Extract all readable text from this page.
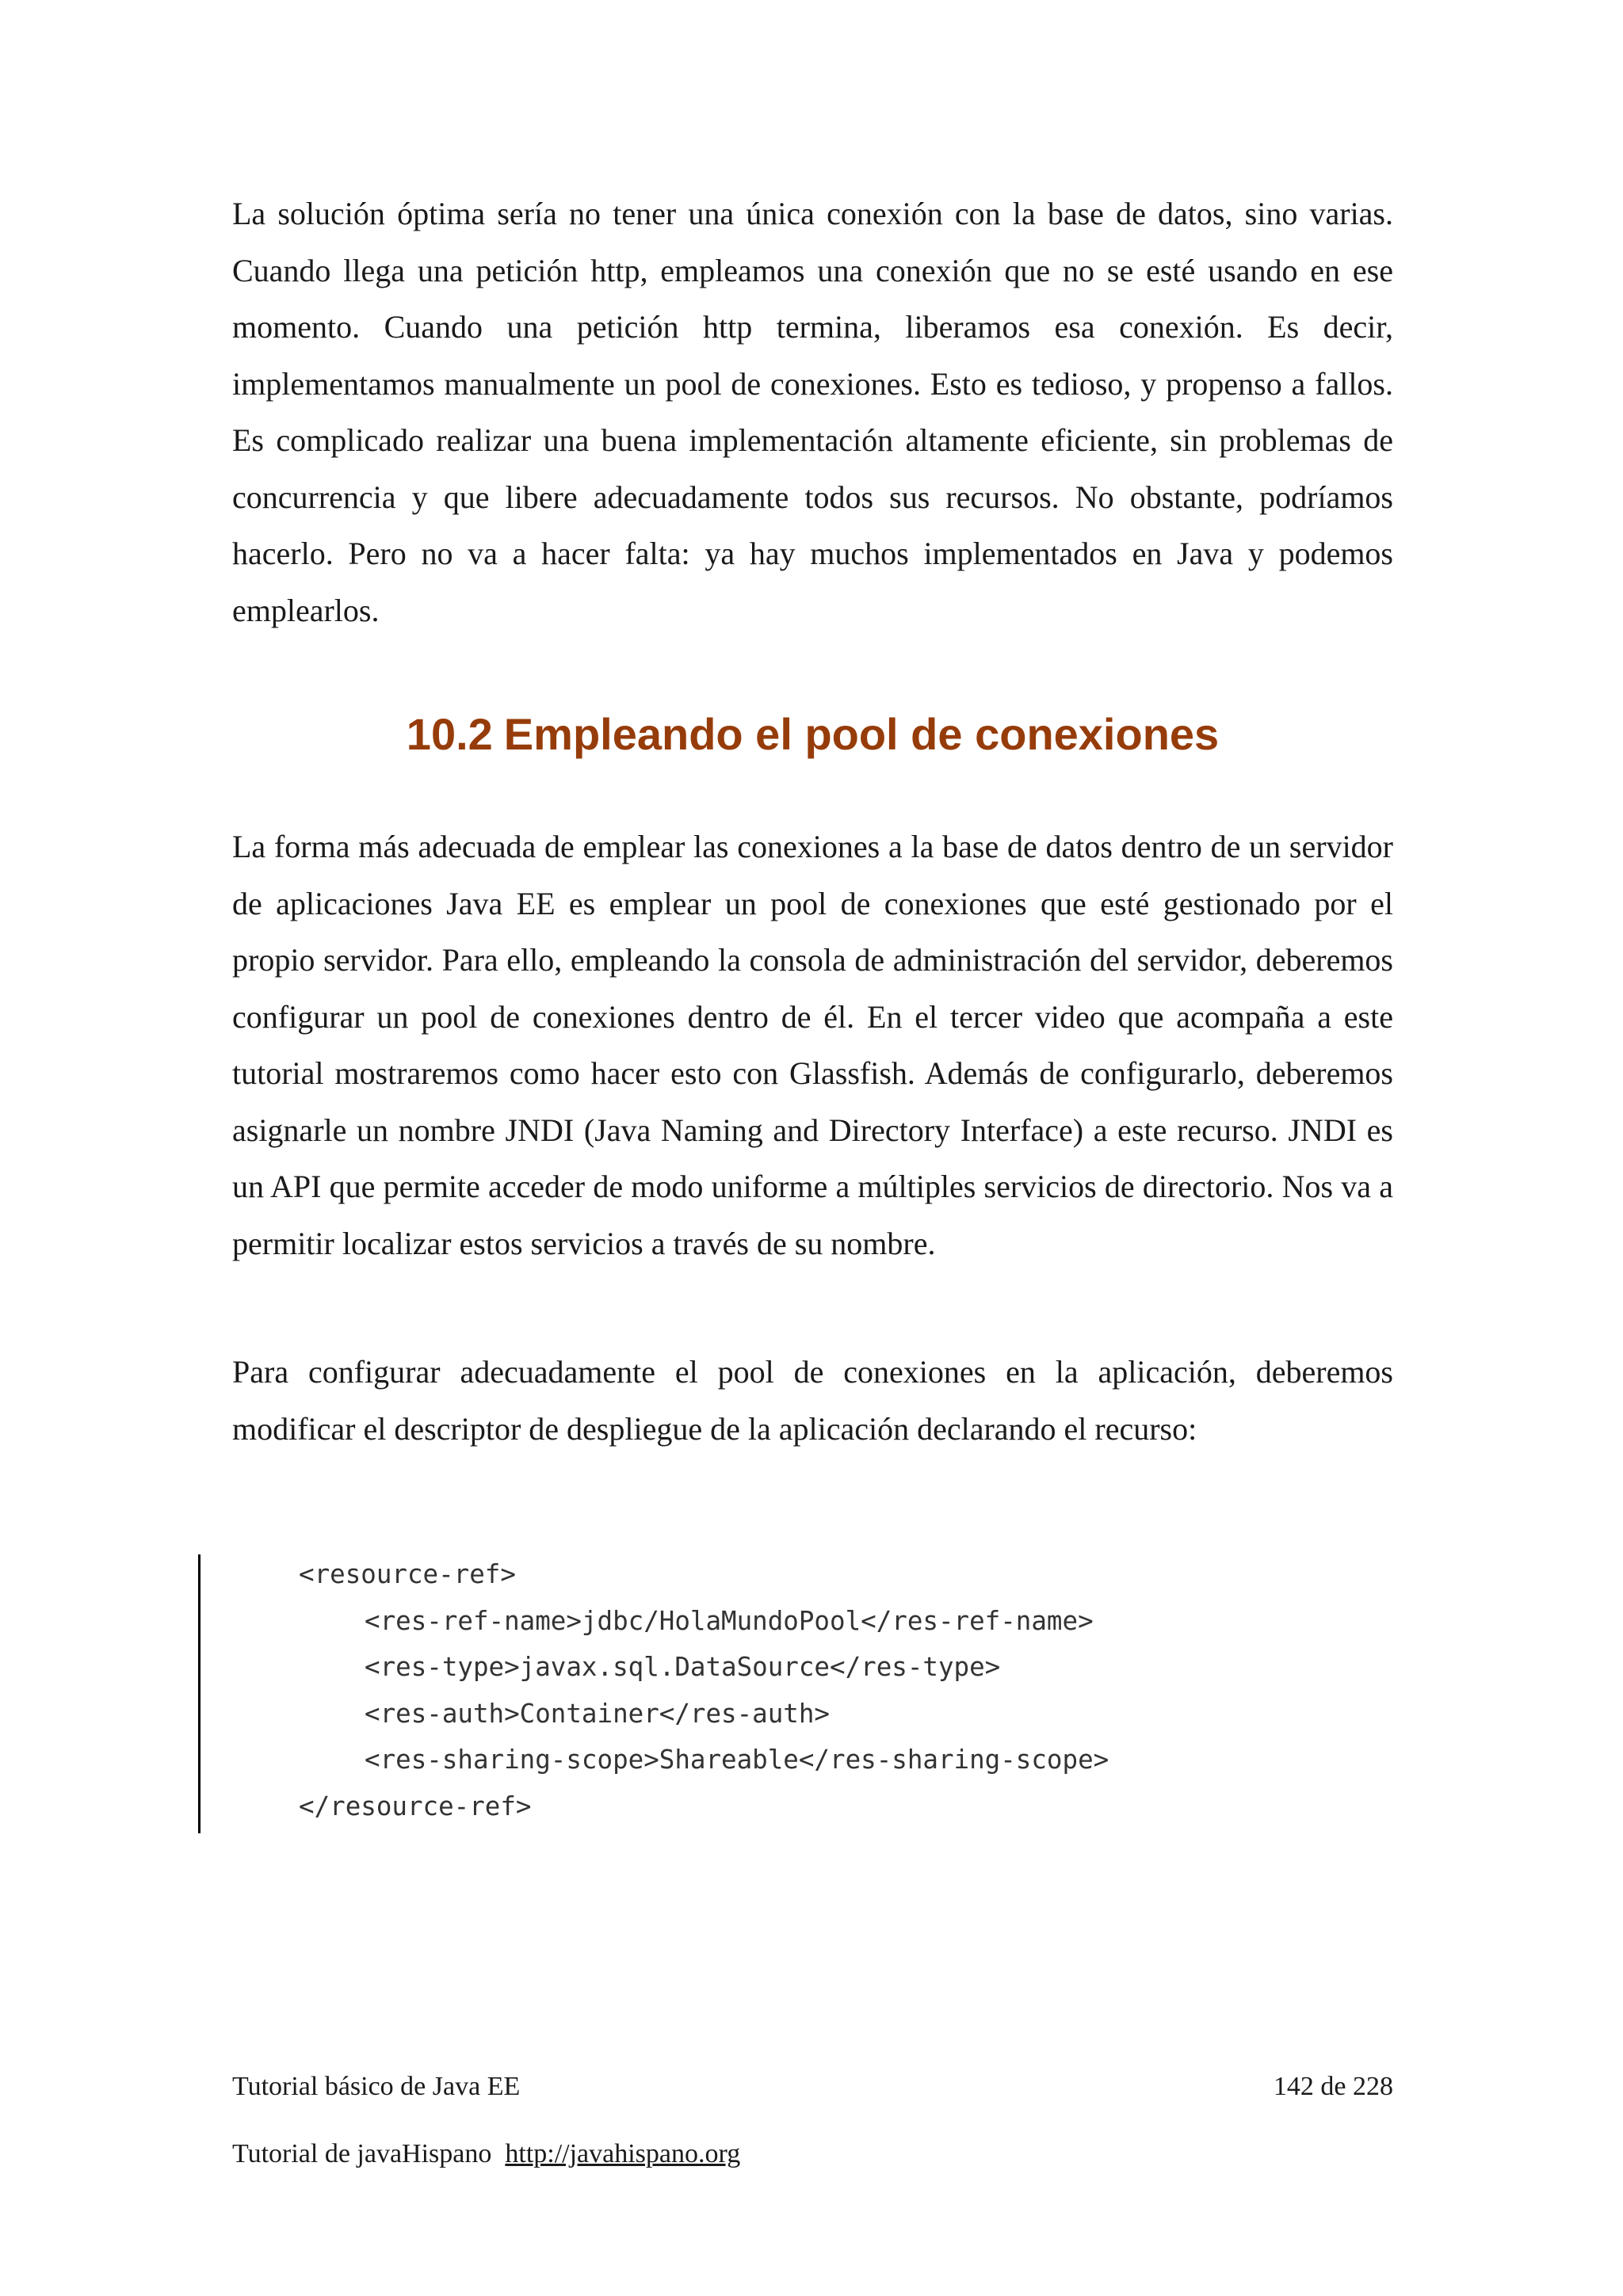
La solución óptima sería no tener una única conexión con la base de datos, sino varias. Cuando llega una petición http, empleamos una conexión que no se esté usando en ese momento. Cuando una petición http termina, liberamos esa conexión. Es decir, implementamos manualmente un pool de conexiones. Esto es tedioso, y propenso a fallos. Es complicado realizar una buena implementación altamente eficiente, sin problemas de concurrencia y que libere adecuadamente todos sus recursos. No obstante, podríamos hacerlo. Pero no va a hacer falta: ya hay muchos implementados en Java y podemos emplearlos.

10.2 Empleando el pool de conexiones

La forma más adecuada de emplear las conexiones a la base de datos dentro de un servidor de aplicaciones Java EE es emplear un pool de conexiones que esté gestionado por el propio servidor. Para ello, empleando la consola de administración del servidor, deberemos configurar un pool de conexiones dentro de él. En el tercer video que acompaña a este tutorial mostraremos como hacer esto con Glassfish. Además de configurarlo, deberemos asignarle un nombre JNDI (Java Naming and Directory Interface) a este recurso. JNDI es un API que permite acceder de modo uniforme a múltiples servicios de directorio. Nos va a permitir localizar estos servicios a través de su nombre.

Para configurar adecuadamente el pool de conexiones en la aplicación, deberemos modificar el descriptor de despliegue de la aplicación declarando el recurso:

<resource-ref>
<res-ref-name>jdbc/HolaMundoPool</res-ref-name>
<res-type>javax.sql.DataSource</res-type>
<res-auth>Container</res-auth>
<res-sharing-scope>Shareable</res-sharing-scope>
</resource-ref>
Tutorial básico de Java EE	142 de 228
Tutorial de javaHispano http://javahispano.org
